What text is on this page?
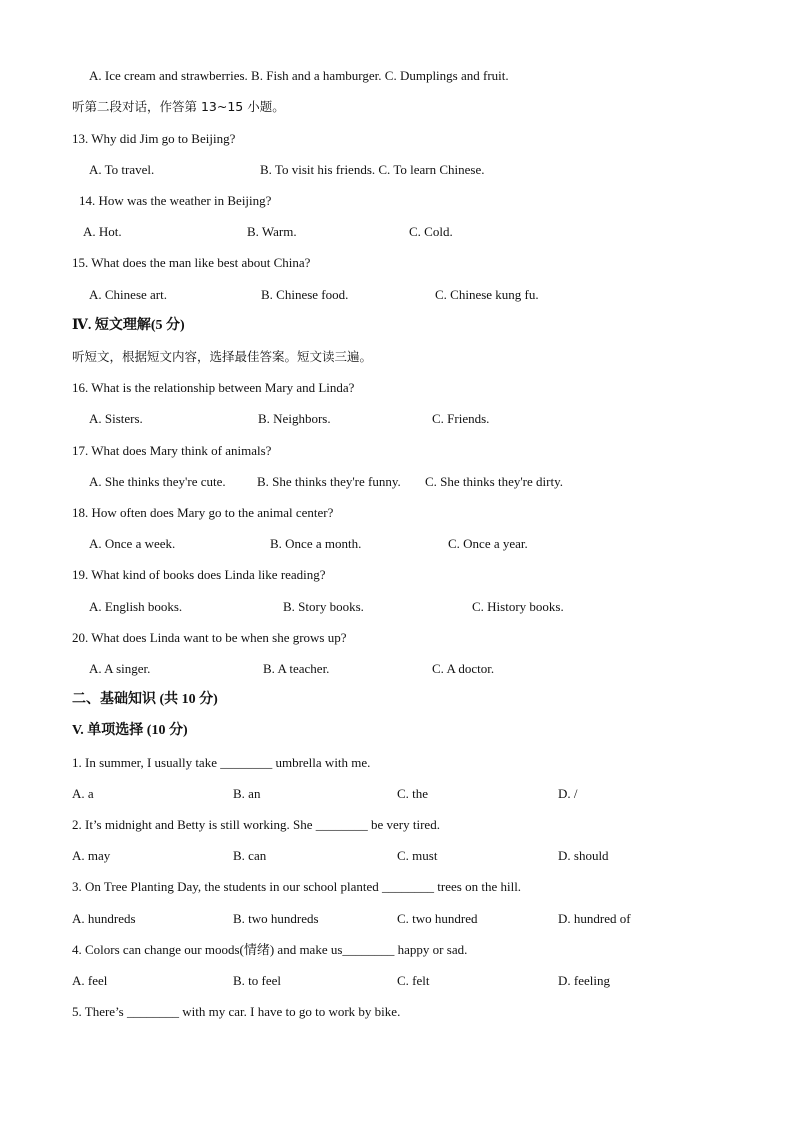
A. Ice cream and strawberries. B. Fish and a hamburger. C. Dumplings and fruit.
听第二段对话，作答第 13~15 小题。
13. Why did Jim go to Beijing?
A. To travel.	B. To visit his friends. C. To learn Chinese.
14. How was the weather in Beijing?
A. Hot.	B. Warm.	C. Cold.
15. What does the man like best about China?
A. Chinese art.	B. Chinese food.	C. Chinese kung fu.
Ⅳ. 短文理解(5 分)
听短文，根据短文内容，选择最佳答案。短文读三遍。
16. What is the relationship between Mary and Linda?
A. Sisters.	B. Neighbors.	C. Friends.
17. What does Mary think of animals?
A. She thinks they're cute. B. She thinks they're funny. C. She thinks they're dirty.
18. How often does Mary go to the animal center?
A. Once a week.	B. Once a month.	C. Once a year.
19. What kind of books does Linda like reading?
A. English books.	B. Story books.	C. History books.
20. What does Linda want to be when she grows up?
A. A singer.	B. A teacher.	C. A doctor.
二、基础知识 (共 10 分)
V. 单项选择 (10 分)
1. In summer, I usually take ________ umbrella with me.
A. a	B. an	C. the	D. /
2. It’s midnight and Betty is still working. She ________ be very tired.
A. may	B. can	C. must	D. should
3. On Tree Planting Day, the students in our school planted ________ trees on the hill.
A. hundreds	B. two hundreds	C. two hundred	D. hundred of
4. Colors can change our moods(情绪) and make us________ happy or sad.
A. feel	B. to feel	C. felt	D. feeling
5. There’s ________ with my car. I have to go to work by bike.
